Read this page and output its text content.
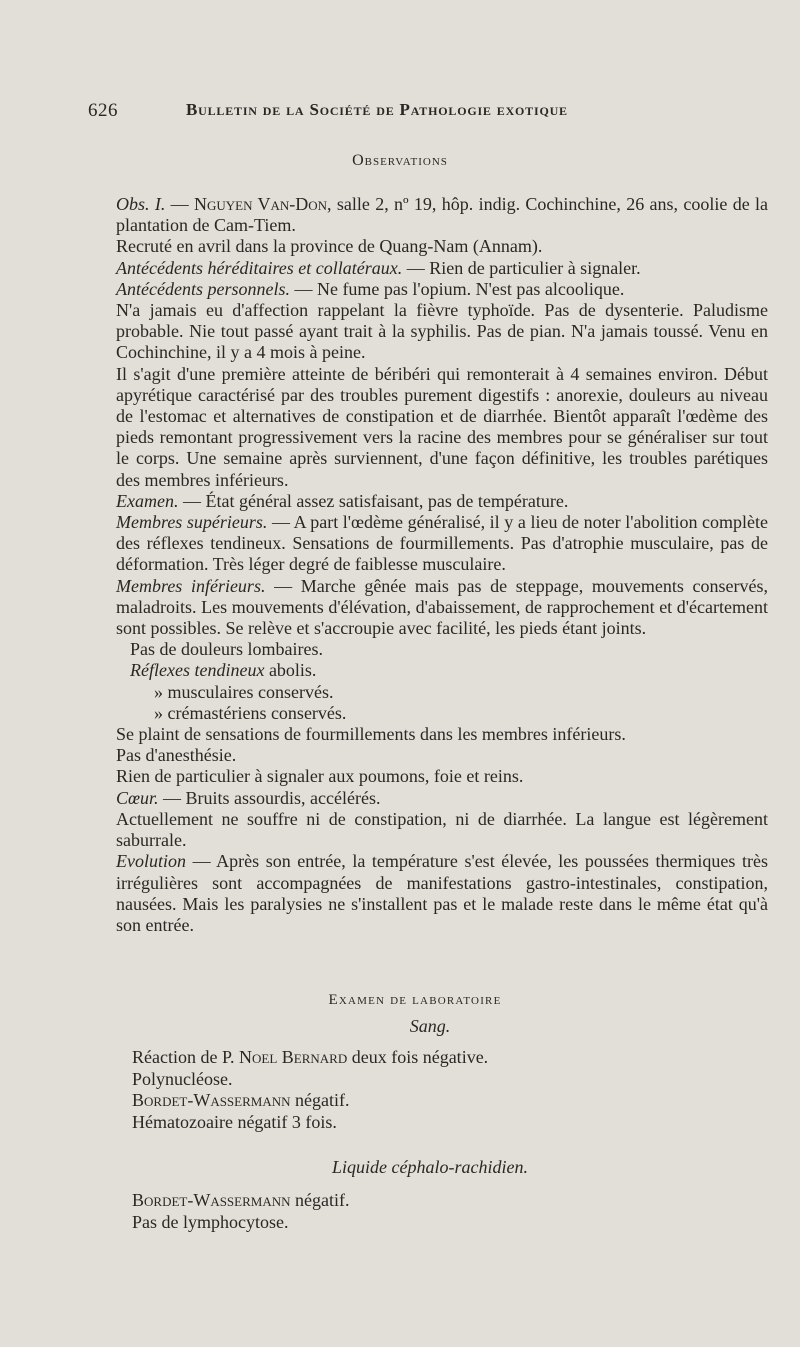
626	Bulletin de la Société de Pathologie exotique
Observations

Obs. I. — Nguyen Van-Don, salle 2, nº 19, hôp. indig. Cochinchine, 26 ans, coolie de la plantation de Cam-Tiem.

Recruté en avril dans la province de Quang-Nam (Annam).

Antécédents héréditaires et collatéraux. — Rien de particulier à signaler.

Antécédents personnels. — Ne fume pas l'opium. N'est pas alcoolique.

N'a jamais eu d'affection rappelant la fièvre typhoïde. Pas de dysenterie. Paludisme probable. Nie tout passé ayant trait à la syphilis. Pas de pian. N'a jamais toussé. Venu en Cochinchine, il y a 4 mois à peine.

Il s'agit d'une première atteinte de béribéri qui remonterait à 4 semaines environ. Début apyrétique caractérisé par des troubles purement digestifs : anorexie, douleurs au niveau de l'estomac et alternatives de constipation et de diarrhée. Bientôt apparaît l'œdème des pieds remontant progressivement vers la racine des membres pour se généraliser sur tout le corps. Une semaine après surviennent, d'une façon définitive, les troubles parétiques des membres inférieurs.

Examen. — État général assez satisfaisant, pas de température.

Membres supérieurs. — A part l'œdème généralisé, il y a lieu de noter l'abolition complète des réflexes tendineux. Sensations de fourmillements. Pas d'atrophie musculaire, pas de déformation. Très léger degré de faiblesse musculaire.

Membres inférieurs. — Marche gênée mais pas de steppage, mouvements conservés, maladroits. Les mouvements d'élévation, d'abaissement, de rapprochement et d'écartement sont possibles. Se relève et s'accroupie avec facilité, les pieds étant joints.

Pas de douleurs lombaires.

Réflexes tendineux abolis.

» musculaires conservés.

» crémastériens conservés.

Se plaint de sensations de fourmillements dans les membres inférieurs.

Pas d'anesthésie.

Rien de particulier à signaler aux poumons, foie et reins.

Cœur. — Bruits assourdis, accélérés.

Actuellement ne souffre ni de constipation, ni de diarrhée. La langue est légèrement saburrale.

Evolution — Après son entrée, la température s'est élevée, les poussées thermiques très irrégulières sont accompagnées de manifestations gastro-intestinales, constipation, nausées. Mais les paralysies ne s'installent pas et le malade reste dans le même état qu'à son entrée.

Examen de laboratoire
Sang.

Réaction de P. Noel Bernard deux fois négative.

Polynucléose.

Bordet-Wassermann négatif.

Hématozoaire négatif 3 fois.

Liquide céphalo-rachidien.

Bordet-Wassermann négatif.

Pas de lymphocytose.
